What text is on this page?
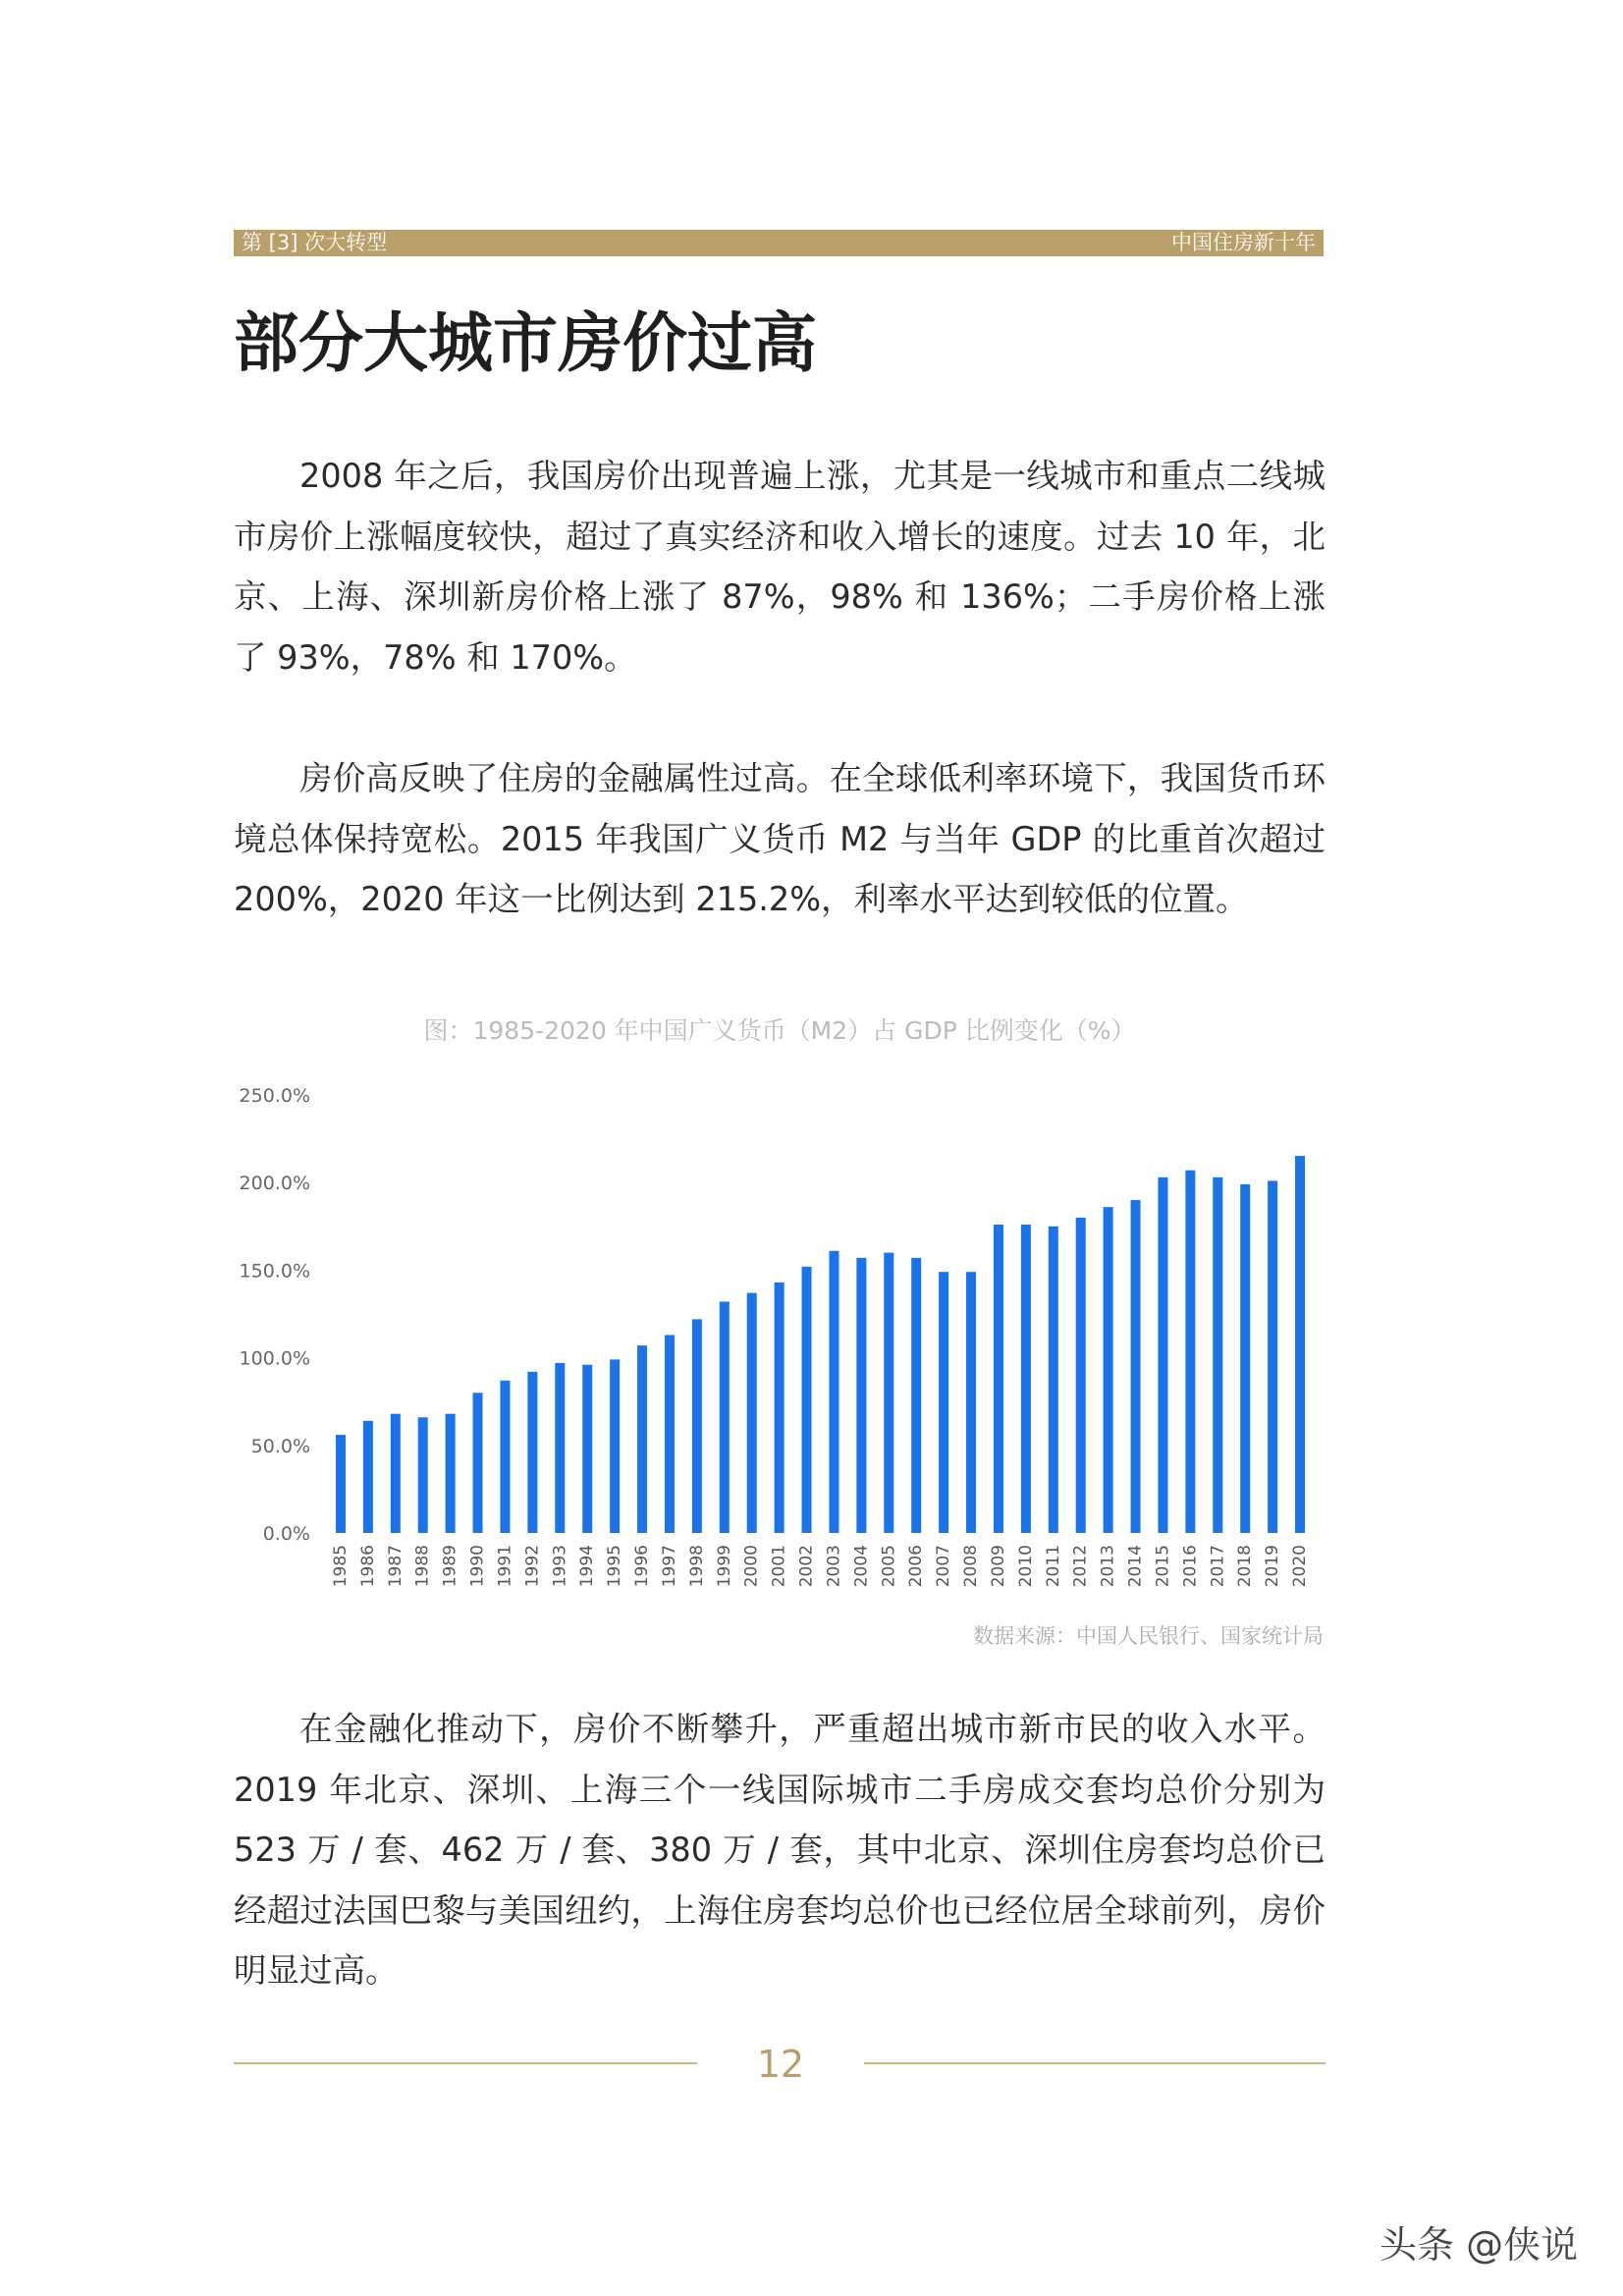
第 [3] 次大转型	中国住房新十年
部分大城市房价过高

2008 年之后，我国房价出现普遍上涨，尤其是一线城市和重点二线城市房价上涨幅度较快，超过了真实经济和收入增长的速度。过去 10 年，北京、上海、深圳新房价格上涨了 87%，98% 和 136%；二手房价格上涨了 93%，78% 和 170%。

房价高反映了住房的金融属性过高。在全球低利率环境下，我国货币环境总体保持宽松。2015 年我国广义货币 M2 与当年 GDP 的比重首次超过 200%，2020 年这一比例达到 215.2%，利率水平达到较低的位置。

图：1985-2020 年中国广义货币（M2）占 GDP 比例变化（%）
0.0%
50.0%
100.0%
150.0%
200.0%
250.0%
1985 1986 1987 1988 1989 1990 1991 1992 1993 1994 1995 1996 1997 1998 1999 2000 2001 2002 2003 2004 2005 2006 2007 2008 2009 2010 2011 2012 2013 2014 2015 2016 2017 2018 2019 2020
数据来源：中国人民银行、国家统计局

在金融化推动下，房价不断攀升，严重超出城市新市民的收入水平。2019 年北京、深圳、上海三个一线国际城市二手房成交套均总价分别为 523 万 / 套、462 万 / 套、380 万 / 套，其中北京、深圳住房套均总价已经超过法国巴黎与美国纽约，上海住房套均总价也已经位居全球前列，房价明显过高。

12
头条 @侠说
